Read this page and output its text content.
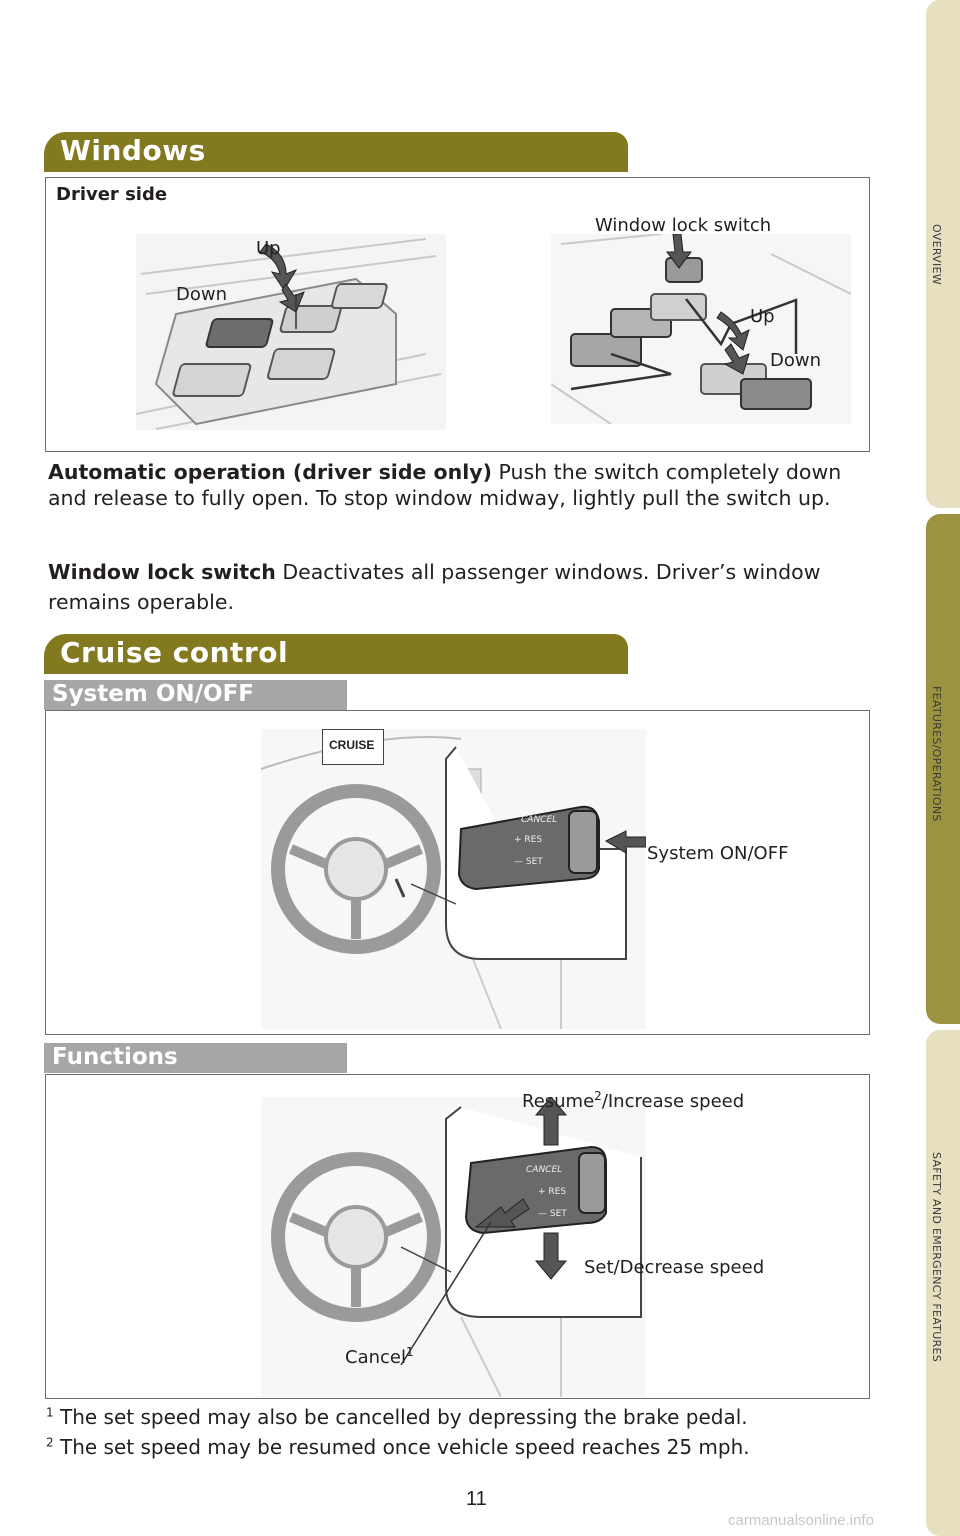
OVERVIEW
FEATURES/OPERATIONS
SAFETY AND EMERGENCY FEATURES
Windows
Driver side
Up
Down
Window lock switch
Up
Down
Automatic operation (driver side only) Push the switch completely down and release to fully open. To stop window midway, lightly pull the switch up.
Window lock switch Deactivates all passenger windows. Driver’s window remains operable.
Cruise control
System ON/OFF
CRUISE
CANCEL
+ RES
— SET	System ON/OFF
Functions
CANCEL
+ RES
— SET
Resume$^2$/Increase speed
Set/Decrease speed
Cancel$^1$
$^1$ The set speed may also be cancelled by depressing the brake pedal.
$^2$ The set speed may be resumed once vehicle speed reaches 25 mph.
11
carmanualsonline.info
